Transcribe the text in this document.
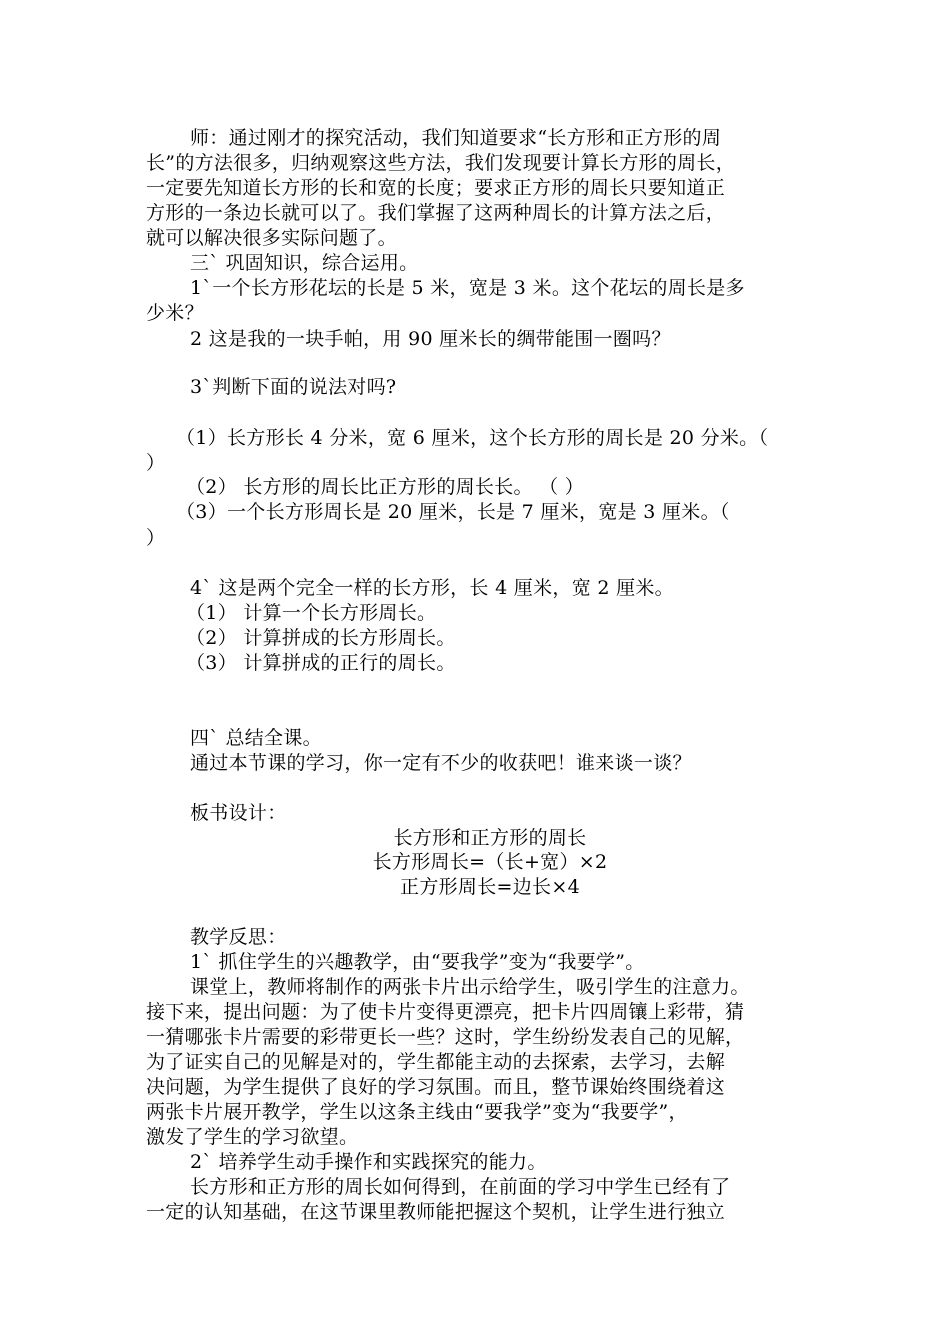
师：通过刚才的探究活动，我们知道要求“长方形和正方形的周
长”的方法很多，归纳观察这些方法，我们发现要计算长方形的周长，
一定要先知道长方形的长和宽的长度；要求正方形的周长只要知道正
方形的一条边长就可以了。我们掌握了这两种周长的计算方法之后，
就可以解决很多实际问题了。
三` 巩固知识，综合运用。
1`一个长方形花坛的长是 5 米，宽是 3 米。这个花坛的周长是多
少米？
2 这是我的一块手帕，用 90 厘米长的绸带能围一圈吗？
3`判断下面的说法对吗?
（1）长方形长 4 分米，宽 6 厘米，这个长方形的周长是 20 分米。（
）
（2） 长方形的周长比正方形的周长长。 （ ）
（3）一个长方形周长是 20 厘米，长是 7 厘米，宽是 3 厘米。（
）
4` 这是两个完全一样的长方形，长 4 厘米，宽 2 厘米。
（1） 计算一个长方形周长。
（2） 计算拼成的长方形周长。
（3） 计算拼成的正行的周长。
四` 总结全课。
通过本节课的学习，你一定有不少的收获吧！谁来谈一谈？
板书设计：
长方形和正方形的周长
长方形周长=（长+宽）×2
正方形周长=边长×4
教学反思：
1` 抓住学生的兴趣教学，由“要我学”变为“我要学”。
课堂上，教师将制作的两张卡片出示给学生，吸引学生的注意力。
接下来，提出问题：为了使卡片变得更漂亮，把卡片四周镶上彩带，猜
一猜哪张卡片需要的彩带更长一些？这时，学生纷纷发表自己的见解，
为了证实自己的见解是对的，学生都能主动的去探索，去学习，去解
决问题，为学生提供了良好的学习氛围。而且，整节课始终围绕着这
两张卡片展开教学，学生以这条主线由“要我学”变为“我要学”，
激发了学生的学习欲望。
2` 培养学生动手操作和实践探究的能力。
长方形和正方形的周长如何得到，在前面的学习中学生已经有了
一定的认知基础，在这节课里教师能把握这个契机，让学生进行独立
